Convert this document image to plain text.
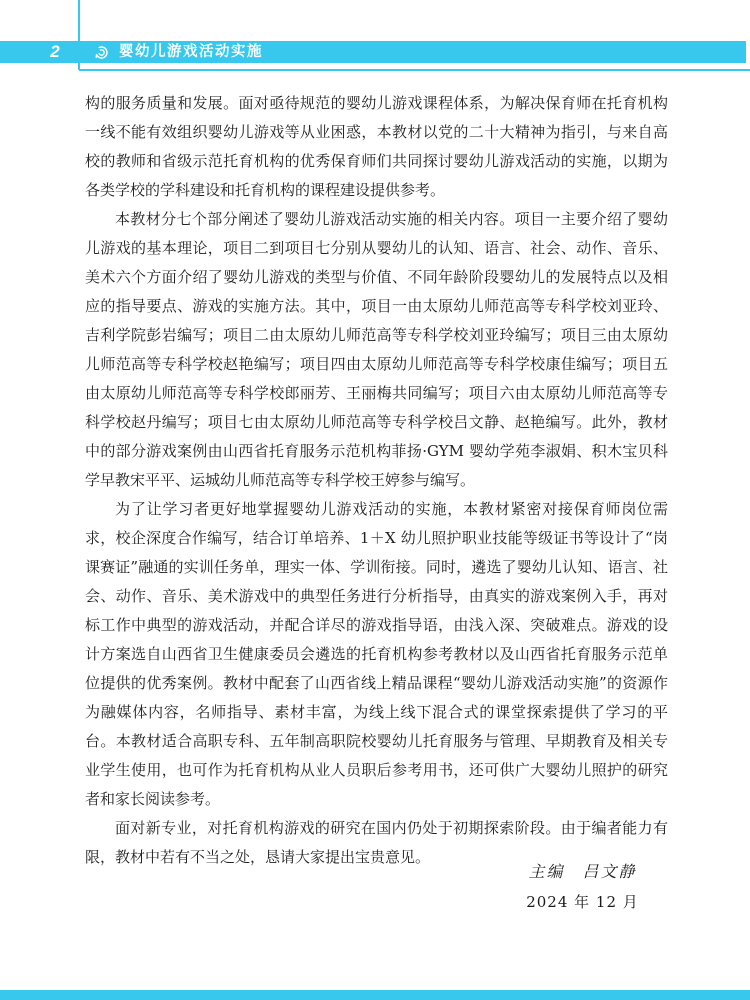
2	婴幼儿游戏活动实施

构的服务质量和发展。面对亟待规范的婴幼儿游戏课程体系，为解决保育师在托育机构一线不能有效组织婴幼儿游戏等从业困惑，本教材以党的二十大精神为指引，与来自高校的教师和省级示范托育机构的优秀保育师们共同探讨婴幼儿游戏活动的实施，以期为各类学校的学科建设和托育机构的课程建设提供参考。

本教材分七个部分阐述了婴幼儿游戏活动实施的相关内容。项目一主要介绍了婴幼儿游戏的基本理论，项目二到项目七分别从婴幼儿的认知、语言、社会、动作、音乐、美术六个方面介绍了婴幼儿游戏的类型与价值、不同年龄阶段婴幼儿的发展特点以及相应的指导要点、游戏的实施方法。其中，项目一由太原幼儿师范高等专科学校刘亚玲、吉利学院彭岩编写；项目二由太原幼儿师范高等专科学校刘亚玲编写；项目三由太原幼儿师范高等专科学校赵艳编写；项目四由太原幼儿师范高等专科学校康佳编写；项目五由太原幼儿师范高等专科学校郎丽芳、王丽梅共同编写；项目六由太原幼儿师范高等专科学校赵丹编写；项目七由太原幼儿师范高等专科学校吕文静、赵艳编写。此外，教材中的部分游戏案例由山西省托育服务示范机构菲扬·GYM 婴幼学苑李淑娟、积木宝贝科学早教宋平平、运城幼儿师范高等专科学校王婷参与编写。

为了让学习者更好地掌握婴幼儿游戏活动的实施，本教材紧密对接保育师岗位需求，校企深度合作编写，结合订单培养、1＋X 幼儿照护职业技能等级证书等设计了“岗课赛证”融通的实训任务单，理实一体、学训衔接。同时，遴选了婴幼儿认知、语言、社会、动作、音乐、美术游戏中的典型任务进行分析指导，由真实的游戏案例入手，再对标工作中典型的游戏活动，并配合详尽的游戏指导语，由浅入深、突破难点。游戏的设计方案选自山西省卫生健康委员会遴选的托育机构参考教材以及山西省托育服务示范单位提供的优秀案例。教材中配套了山西省线上精品课程“婴幼儿游戏活动实施”的资源作为融媒体内容，名师指导、素材丰富，为线上线下混合式的课堂探索提供了学习的平台。本教材适合高职专科、五年制高职院校婴幼儿托育服务与管理、早期教育及相关专业学生使用，也可作为托育机构从业人员职后参考用书，还可供广大婴幼儿照护的研究者和家长阅读参考。

面对新专业，对托育机构游戏的研究在国内仍处于初期探索阶段。由于编者能力有限，教材中若有不当之处，恳请大家提出宝贵意见。

主编　吕文静
2024 年 12 月
